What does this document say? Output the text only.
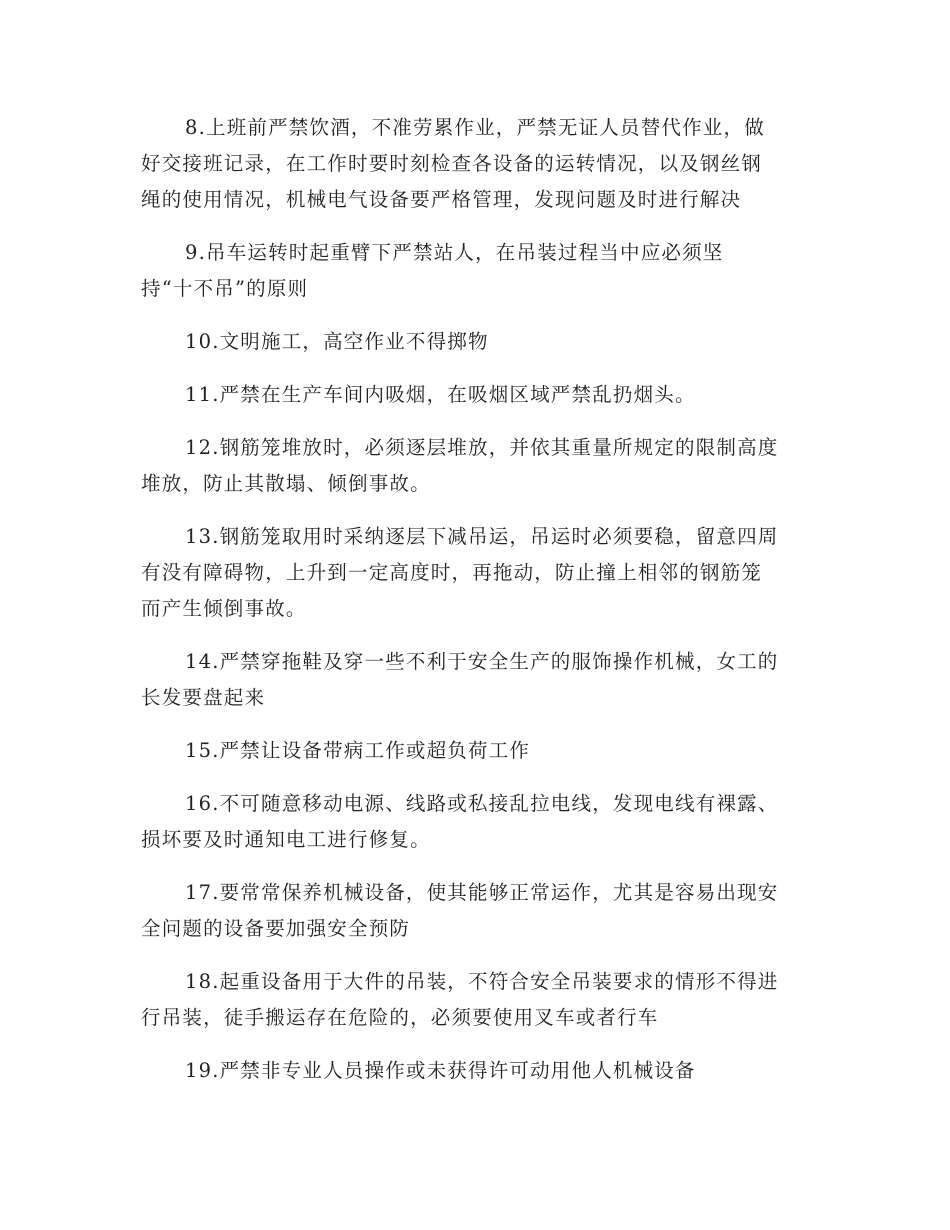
8.上班前严禁饮酒，不准劳累作业，严禁无证人员替代作业，做
好交接班记录，在工作时要时刻检查各设备的运转情况，以及钢丝钢
绳的使用情况，机械电气设备要严格管理，发现问题及时进行解决

9.吊车运转时起重臂下严禁站人，在吊装过程当中应必须坚
持“十不吊”的原则

10.文明施工，高空作业不得掷物

11.严禁在生产车间内吸烟，在吸烟区域严禁乱扔烟头。

12.钢筋笼堆放时，必须逐层堆放，并依其重量所规定的限制高度
堆放，防止其散塌、倾倒事故。

13.钢筋笼取用时采纳逐层下减吊运，吊运时必须要稳，留意四周
有没有障碍物，上升到一定高度时，再拖动，防止撞上相邻的钢筋笼
而产生倾倒事故。

14.严禁穿拖鞋及穿一些不利于安全生产的服饰操作机械，女工的
长发要盘起来

15.严禁让设备带病工作或超负荷工作

16.不可随意移动电源、线路或私接乱拉电线，发现电线有裸露、
损坏要及时通知电工进行修复。

17.要常常保养机械设备，使其能够正常运作，尤其是容易出现安
全问题的设备要加强安全预防

18.起重设备用于大件的吊装，不符合安全吊装要求的情形不得进
行吊装，徒手搬运存在危险的，必须要使用叉车或者行车

19.严禁非专业人员操作或未获得许可动用他人机械设备
